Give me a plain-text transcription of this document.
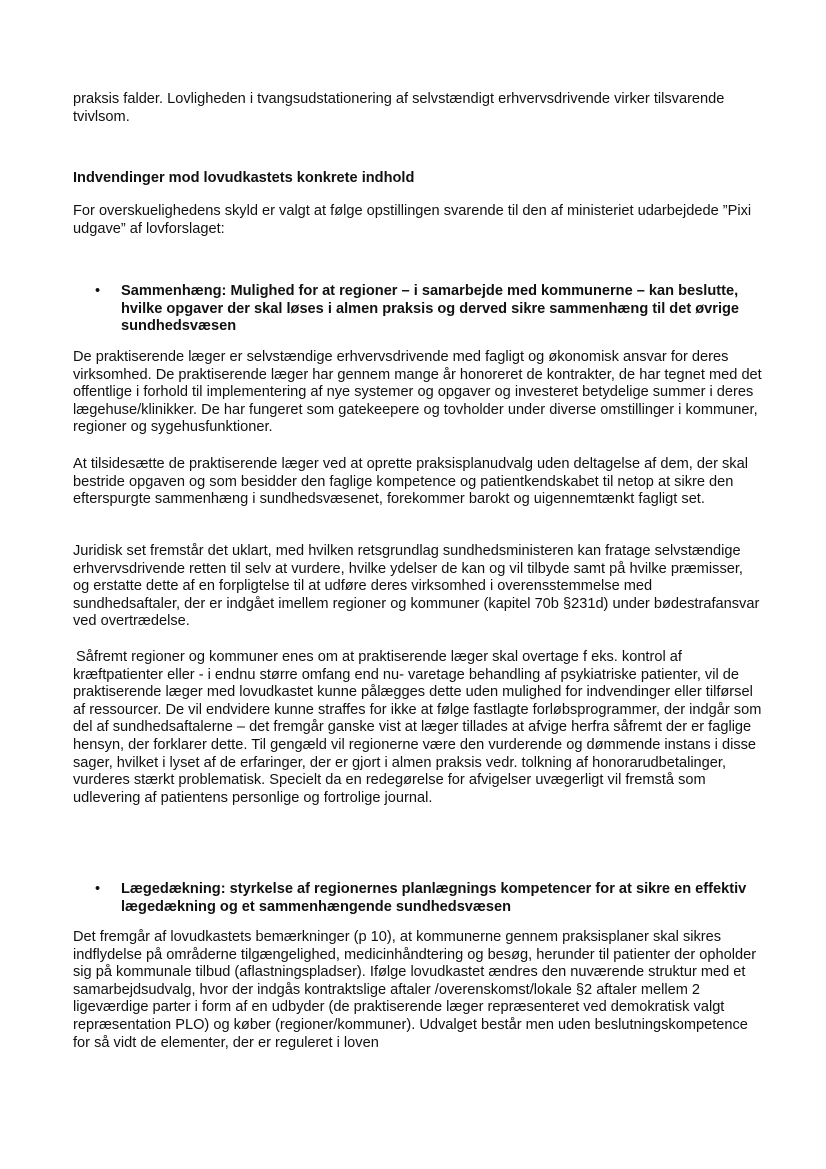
praksis falder. Lovligheden i tvangsudstationering af selvstændigt erhvervsdrivende virker tilsvarende tvivlsom.

Indvendinger mod lovudkastets konkrete indhold

For overskuelighedens skyld er valgt at følge opstillingen svarende til den af ministeriet udarbejdede ”Pixi udgave” af lovforslaget:

•	Sammenhæng: Mulighed for at regioner – i samarbejde med kommunerne – kan beslutte, hvilke opgaver der skal løses i almen praksis og derved sikre sammenhæng til det øvrige sundhedsvæsen

De praktiserende læger er selvstændige erhvervsdrivende med fagligt og økonomisk ansvar for deres virksomhed. De praktiserende læger har gennem mange år honoreret de kontrakter, de har tegnet med det offentlige i forhold til implementering af nye systemer og opgaver og investeret betydelige summer i deres lægehuse/klinikker. De har fungeret som gatekeepere og tovholder under diverse omstillinger i kommuner, regioner og sygehusfunktioner.

At tilsidesætte de praktiserende læger ved at oprette praksisplanudvalg uden deltagelse af dem, der skal bestride opgaven og som besidder den faglige kompetence og patientkendskabet til netop at sikre den efterspurgte sammenhæng i sundhedsvæsenet, forekommer barokt og uigennemtænkt fagligt set.

Juridisk set fremstår det uklart, med hvilken retsgrundlag sundhedsministeren kan fratage selvstændige erhvervsdrivende retten til selv at vurdere, hvilke ydelser de kan og vil tilbyde samt på hvilke præmisser, og erstatte dette af en forpligtelse til at udføre deres virksomhed i overensstemmelse med sundhedsaftaler, der er indgået imellem regioner og kommuner (kapitel 70b §231d) under bødestrafansvar ved overtrædelse.

Såfremt regioner og kommuner enes om at praktiserende læger skal overtage f eks. kontrol af kræftpatienter eller - i endnu større omfang end nu- varetage behandling af psykiatriske patienter, vil de praktiserende læger med lovudkastet kunne pålægges dette uden mulighed for indvendinger eller tilførsel af ressourcer. De vil endvidere kunne straffes for ikke at følge fastlagte forløbsprogrammer, der indgår som del af sundhedsaftalerne – det fremgår ganske vist at læger tillades at afvige herfra såfremt der er faglige hensyn, der forklarer dette. Til gengæld vil regionerne være den vurderende og dømmende instans i disse sager, hvilket i lyset af de erfaringer, der er gjort i almen praksis vedr. tolkning af honorarudbetalinger, vurderes stærkt problematisk. Specielt da en redegørelse for afvigelser uvægerligt vil fremstå som udlevering af patientens personlige og fortrolige journal.

•	Lægedækning: styrkelse af regionernes planlægnings kompetencer for at sikre en effektiv lægedækning og et sammenhængende sundhedsvæsen

Det fremgår af lovudkastets bemærkninger (p 10), at kommunerne gennem praksisplaner skal sikres indflydelse på områderne tilgængelighed, medicinhåndtering og besøg, herunder til patienter der opholder sig på kommunale tilbud (aflastningspladser). Ifølge lovudkastet ændres den nuværende struktur med et samarbejdsudvalg, hvor der indgås kontraktslige aftaler /overenskomst/lokale §2 aftaler mellem 2 ligeværdige parter i form af en udbyder (de praktiserende læger repræsenteret ved demokratisk valgt repræsentation PLO) og køber (regioner/kommuner). Udvalget består men uden beslutningskompetence for så vidt de elementer, der er reguleret i loven
